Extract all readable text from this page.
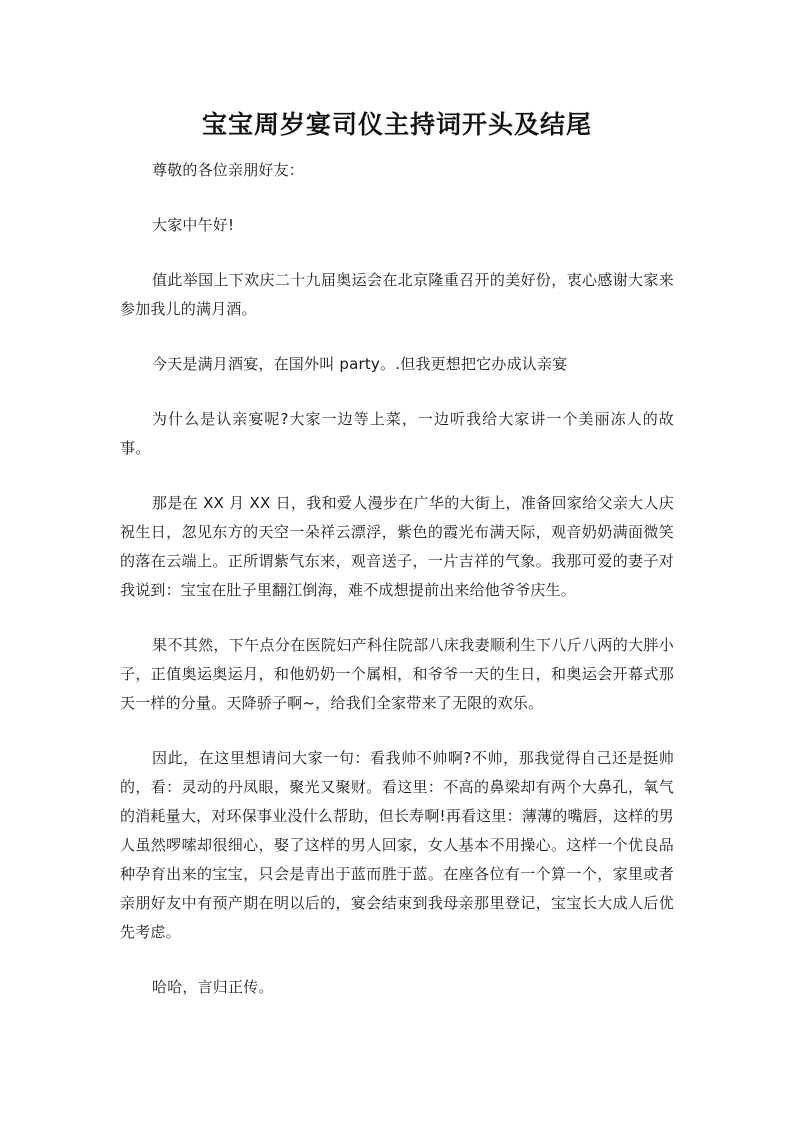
宝宝周岁宴司仪主持词开头及结尾

尊敬的各位亲朋好友：

大家中午好!

值此举国上下欢庆二十九届奥运会在北京隆重召开的美好份，衷心感谢大家来参加我儿的满月酒。

今天是满月酒宴，在国外叫 party。.但我更想把它办成认亲宴

为什么是认亲宴呢?大家一边等上菜，一边听我给大家讲一个美丽冻人的故事。

那是在 XX 月 XX 日，我和爱人漫步在广华的大街上，准备回家给父亲大人庆祝生日，忽见东方的天空一朵祥云漂浮，紫色的霞光布满天际，观音奶奶满面微笑的落在云端上。正所谓紫气东来，观音送子，一片吉祥的气象。我那可爱的妻子对我说到：宝宝在肚子里翻江倒海，难不成想提前出来给他爷爷庆生。

果不其然，下午点分在医院妇产科住院部八床我妻顺利生下八斤八两的大胖小子，正值奥运奥运月，和他奶奶一个属相，和爷爷一天的生日，和奥运会开幕式那天一样的分量。天降骄子啊~，给我们全家带来了无限的欢乐。

因此，在这里想请问大家一句：看我帅不帅啊?不帅，那我觉得自己还是挺帅的，看：灵动的丹凤眼，聚光又聚财。看这里：不高的鼻梁却有两个大鼻孔，氧气的消耗量大，对环保事业没什么帮助，但长寿啊!再看这里：薄薄的嘴唇，这样的男人虽然啰嗦却很细心，娶了这样的男人回家，女人基本不用操心。这样一个优良品种孕育出来的宝宝，只会是青出于蓝而胜于蓝。在座各位有一个算一个，家里或者亲朋好友中有预产期在明以后的，宴会结束到我母亲那里登记，宝宝长大成人后优先考虑。

哈哈，言归正传。
